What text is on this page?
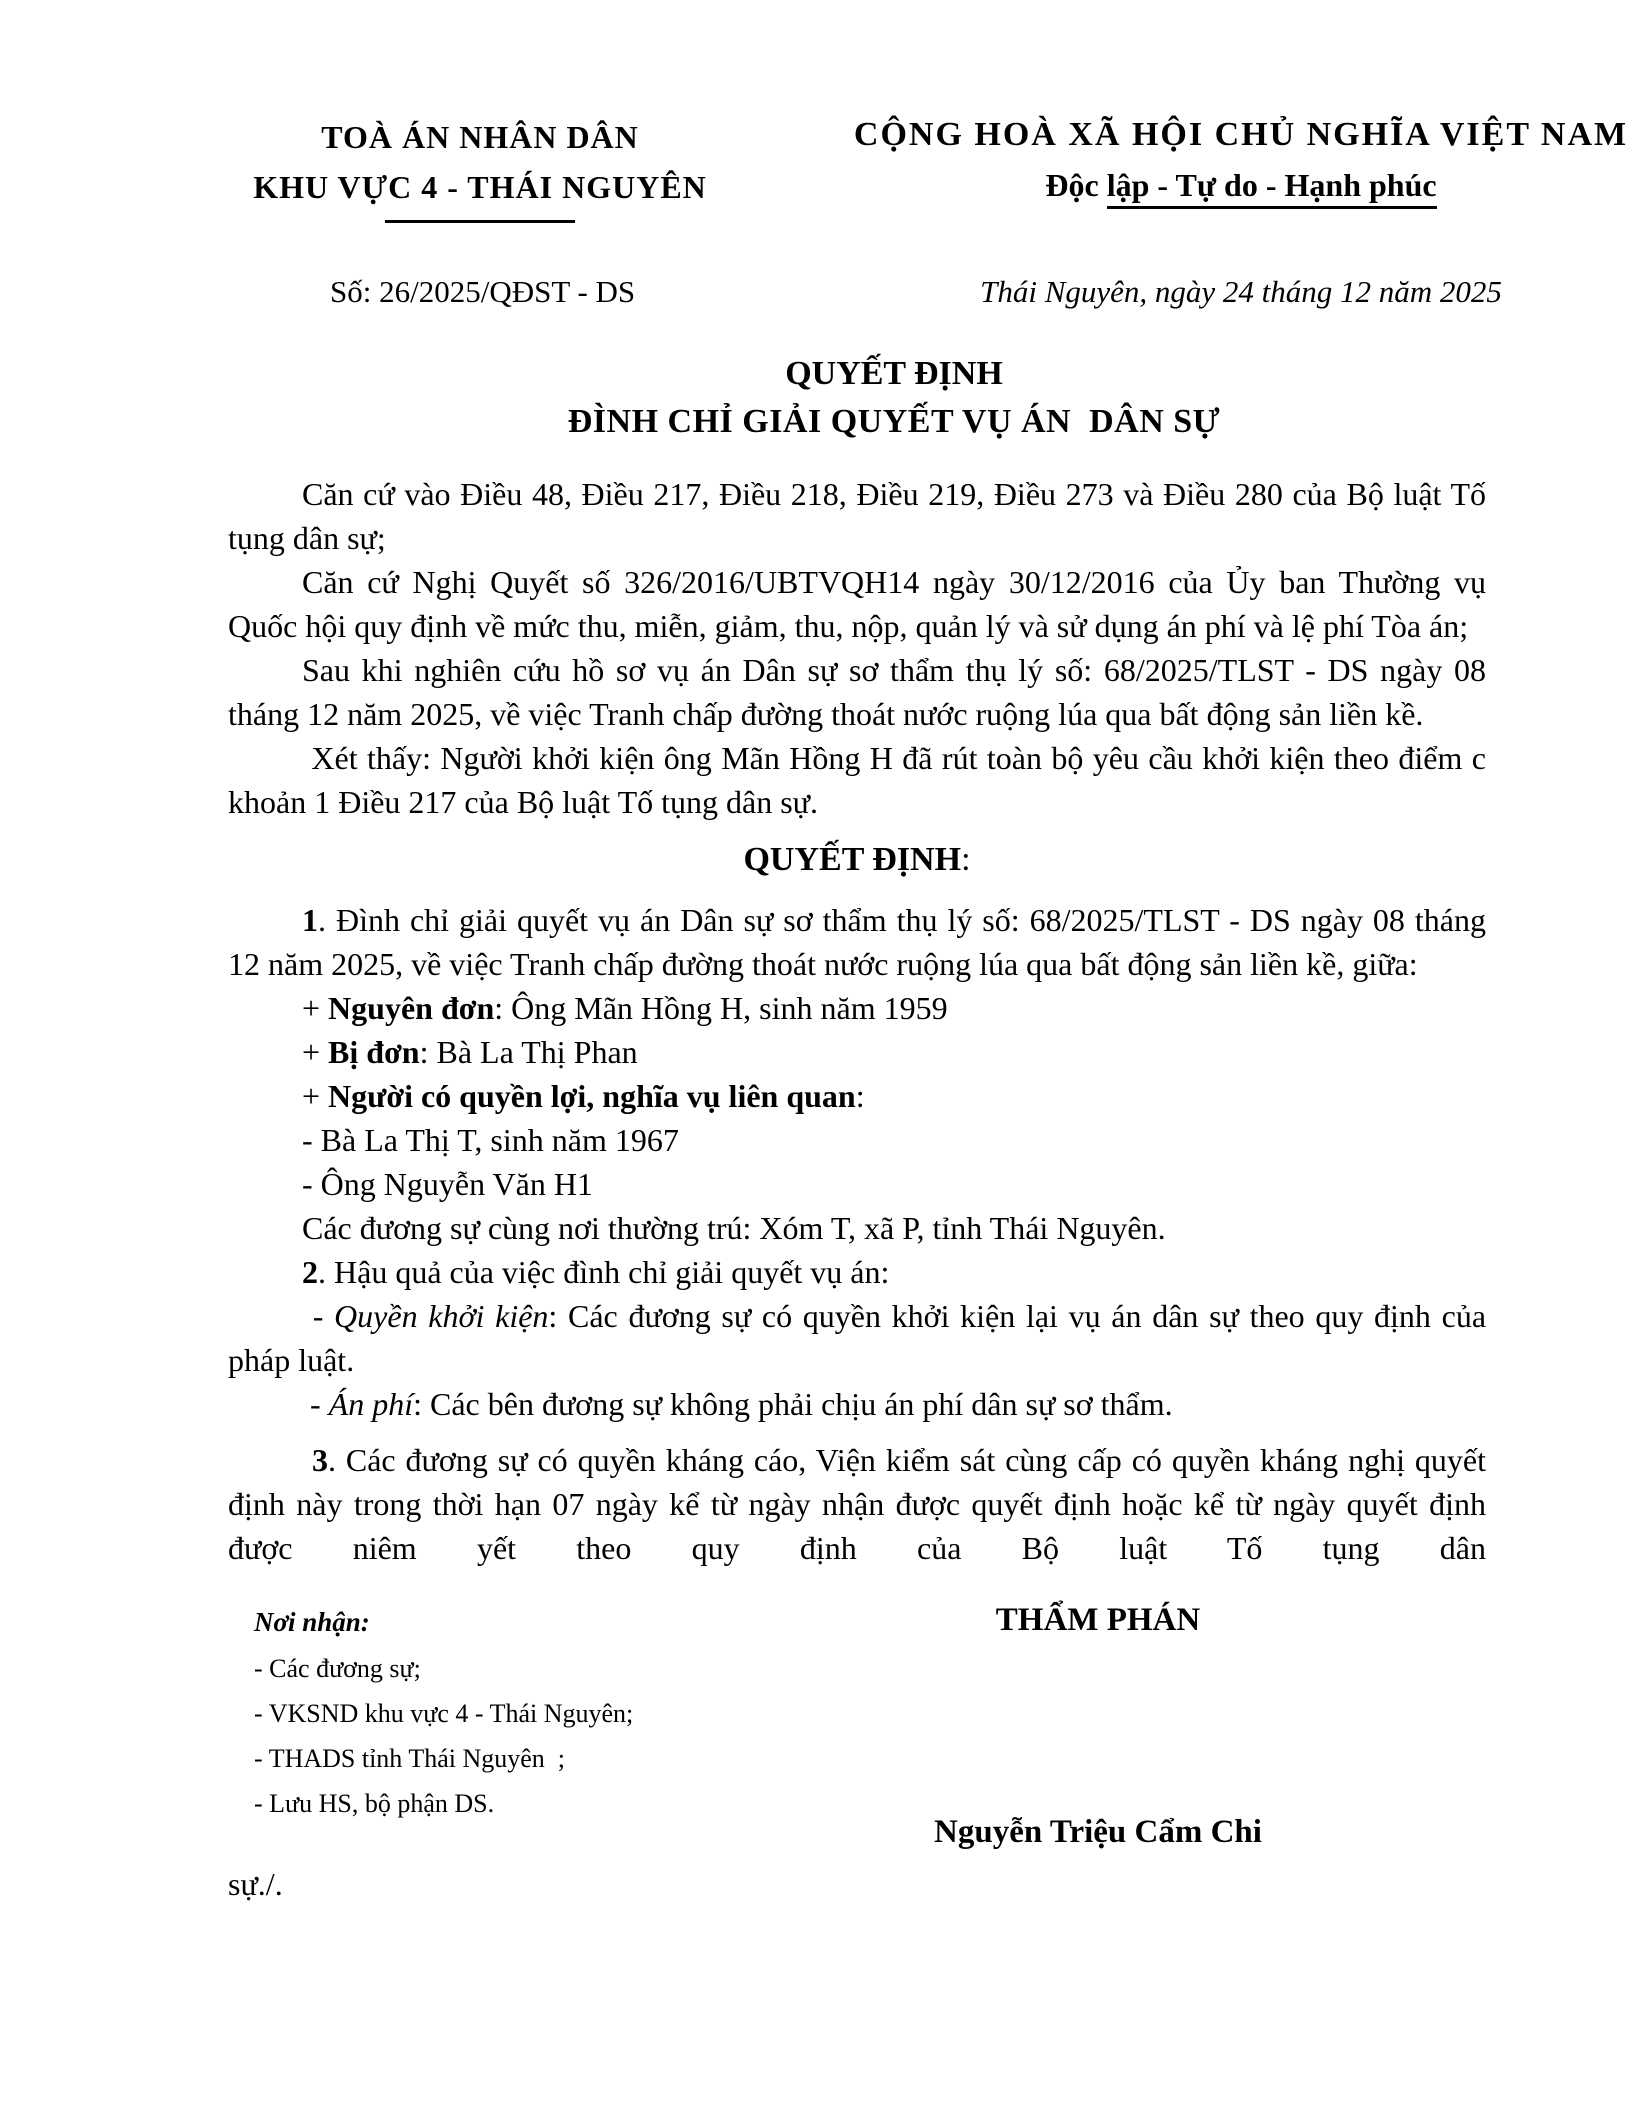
TOÀ ÁN NHÂN DÂN
KHU VỰC 4 - THÁI NGUYÊN
CỘNG HOÀ XÃ HỘI CHỦ NGHĨA VIỆT NAM
Độc lập - Tự do - Hạnh phúc
Số: 26/2025/QĐST - DS	Thái Nguyên, ngày 24 tháng 12 năm 2025

QUYẾT ĐỊNH

ĐÌNH CHỈ GIẢI QUYẾT VỤ ÁN  DÂN SỰ

Căn cứ vào Điều 48, Điều 217, Điều 218, Điều 219, Điều 273 và Điều 280 của Bộ luật Tố tụng dân sự;

Căn cứ Nghị Quyết số 326/2016/UBTVQH14 ngày 30/12/2016 của Ủy ban Thường vụ Quốc hội quy định về mức thu, miễn, giảm, thu, nộp, quản lý và sử dụng án phí và lệ phí Tòa án;

Sau khi nghiên cứu hồ sơ vụ án Dân sự sơ thẩm thụ lý số: 68/2025/TLST - DS ngày 08 tháng 12 năm 2025, về việc Tranh chấp đường thoát nước ruộng lúa qua bất động sản liền kề.

Xét thấy: Người khởi kiện ông Mãn Hồng H đã rút toàn bộ yêu cầu khởi kiện theo điểm c khoản 1 Điều 217 của Bộ luật Tố tụng dân sự.

QUYẾT ĐỊNH:

1. Đình chỉ giải quyết vụ án Dân sự sơ thẩm thụ lý số: 68/2025/TLST - DS ngày 08 tháng 12 năm 2025, về việc Tranh chấp đường thoát nước ruộng lúa qua bất động sản liền kề, giữa:

+ Nguyên đơn: Ông Mãn Hồng H, sinh năm 1959

+ Bị đơn: Bà La Thị Phan

+ Người có quyền lợi, nghĩa vụ liên quan:

- Bà La Thị T, sinh năm 1967

- Ông Nguyễn Văn H1

Các đương sự cùng nơi thường trú: Xóm T, xã P, tỉnh Thái Nguyên.

2. Hậu quả của việc đình chỉ giải quyết vụ án:

- Quyền khởi kiện: Các đương sự có quyền khởi kiện lại vụ án dân sự theo quy định của pháp luật.

- Án phí: Các bên đương sự không phải chịu án phí dân sự sơ thẩm.

3. Các đương sự có quyền kháng cáo, Viện kiểm sát cùng cấp có quyền kháng nghị quyết định này trong thời hạn 07 ngày kể từ ngày nhận được quyết định hoặc kể từ ngày quyết định được niêm yết theo quy định của Bộ luật Tố tụng dân

Nơi nhận:
- Các đương sự;
- VKSND khu vực 4 - Thái Nguyên;
- THADS tỉnh Thái Nguyên  ;
- Lưu HS, bộ phận DS.
THẨM PHÁN
Nguyễn Triệu Cẩm Chi

sự./.
